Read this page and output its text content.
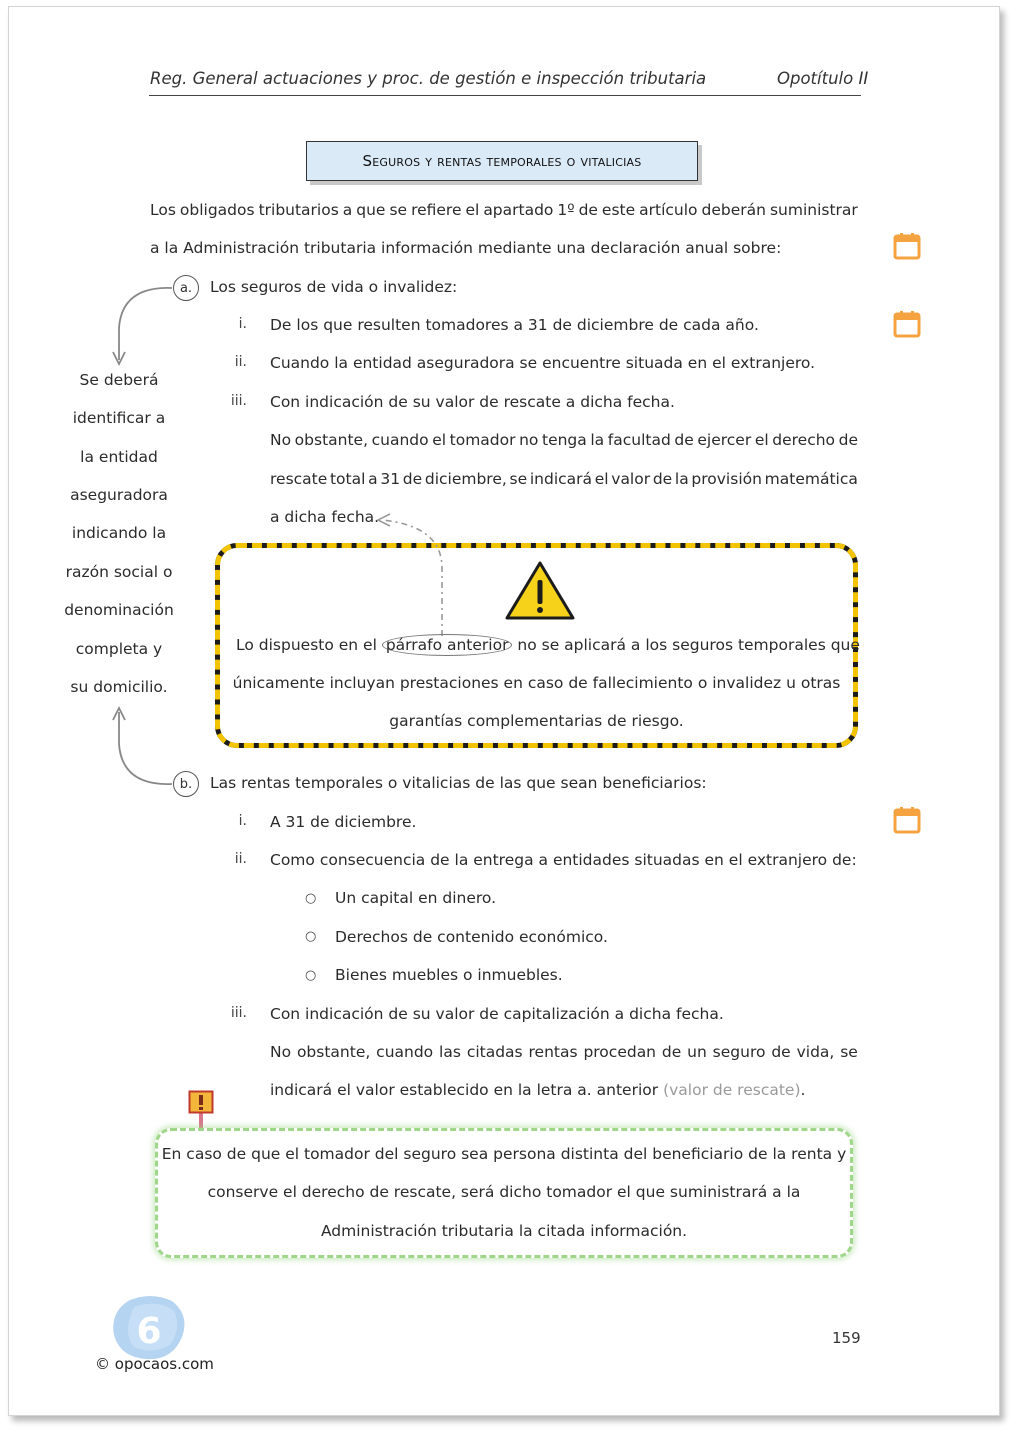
Reg. General actuaciones y proc. de gestión e inspección tributaria	Opotítulo II
Seguros y rentas temporales o vitalicias
Los obligados tributarios a que se refiere el apartado 1º de este artículo deberán suministrar
a la Administración tributaria información mediante una declaración anual sobre:
a.	Los seguros de vida o invalidez:
i. De los que resulten tomadores a 31 de diciembre de cada año.
ii. Cuando la entidad aseguradora se encuentre situada en el extranjero.
iii. Con indicación de su valor de rescate a dicha fecha.
No obstante, cuando el tomador no tenga la facultad de ejercer el derecho de
rescate total a 31 de diciembre, se indicará el valor de la provisión matemática
a dicha fecha.
Se deberá
identificar a
la entidad
aseguradora
indicando la
razón social o
denominación
completa y
su domicilio.
Lo dispuesto en el párrafo anterior no se aplicará a los seguros temporales que
únicamente incluyan prestaciones en caso de fallecimiento o invalidez u otras
garantías complementarias de riesgo.
b.	Las rentas temporales o vitalicias de las que sean beneficiarios:
i. A 31 de diciembre.
ii. Como consecuencia de la entrega a entidades situadas en el extranjero de:
○ Un capital en dinero.
○ Derechos de contenido económico.
○ Bienes muebles o inmuebles.
iii. Con indicación de su valor de capitalización a dicha fecha.
No obstante, cuando las citadas rentas procedan de un seguro de vida, se
indicará el valor establecido en la letra a. anterior (valor de rescate).
En caso de que el tomador del seguro sea persona distinta del beneficiario de la renta y
conserve el derecho de rescate, será dicho tomador el que suministrará a la
Administración tributaria la citada información.
6
© opocaos.com
159
